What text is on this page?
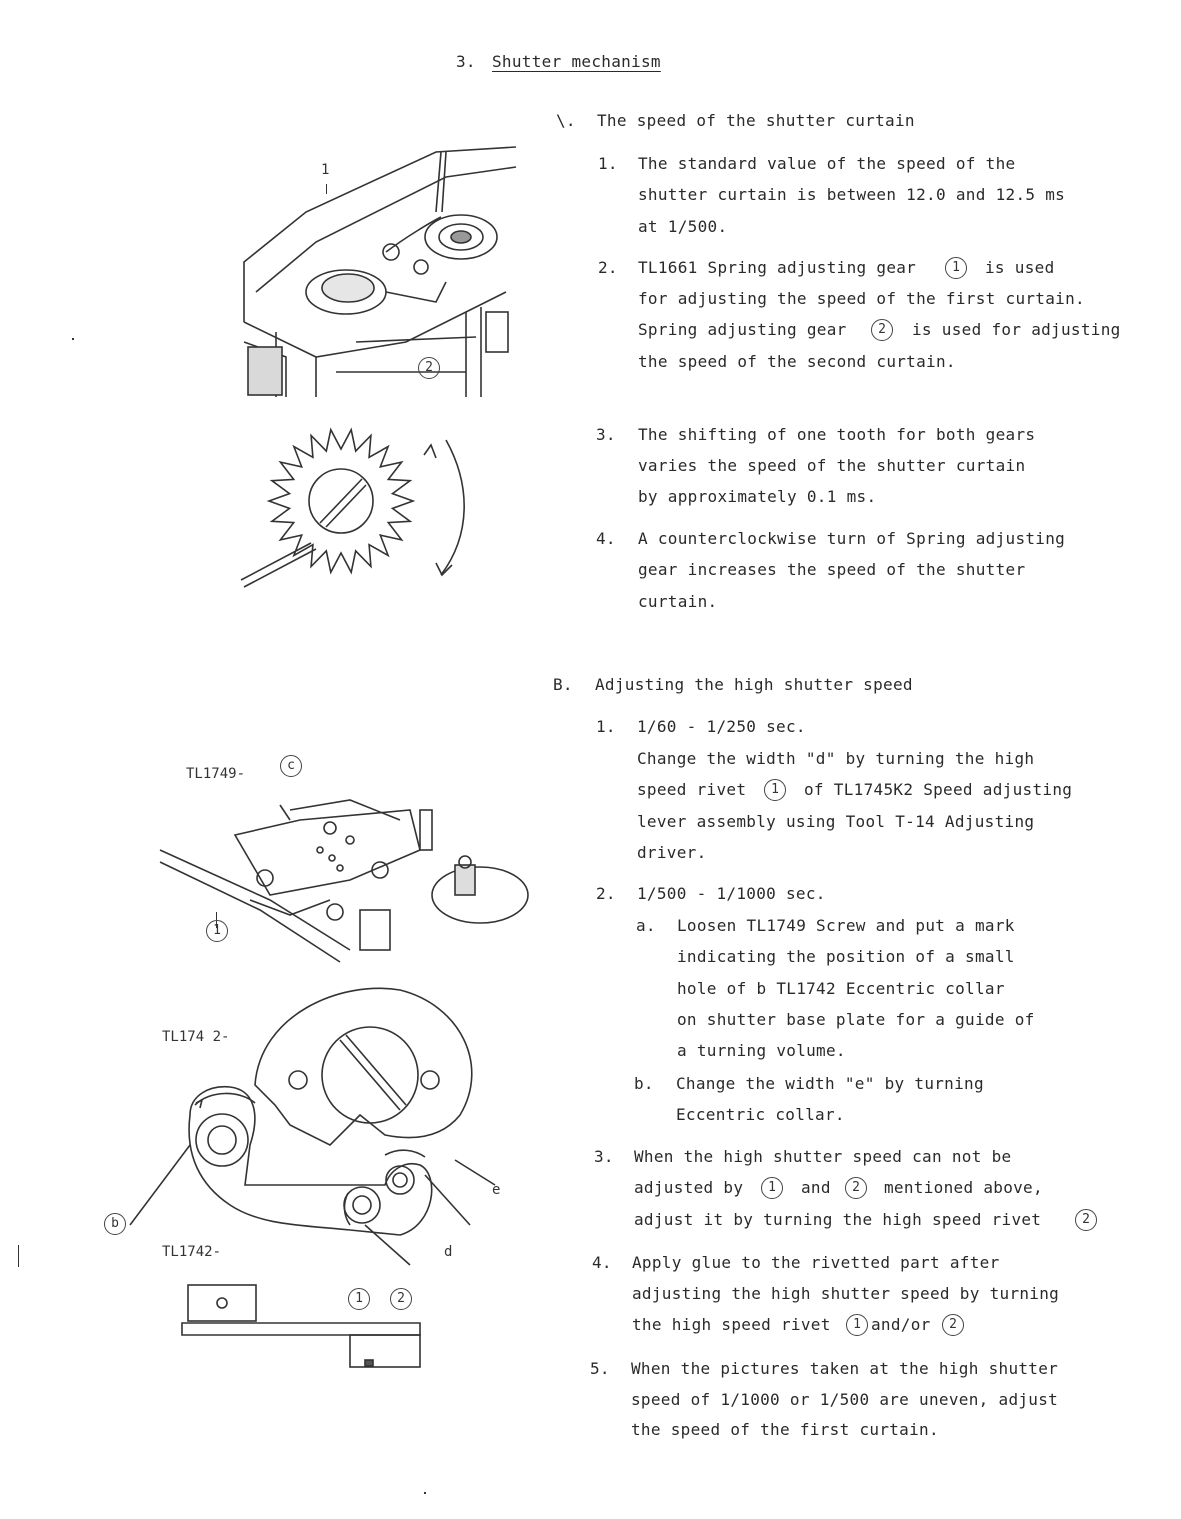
3. Shutter mechanism
\. The speed of the shutter curtain
1. The standard value of the speed of the
shutter curtain is between 12.0 and 12.5 ms
at 1/500.
2. TL1661 Spring adjusting gear	1	is used
for adjusting the speed of the first curtain.
Spring adjusting gear	2	is used for adjusting
the speed of the second curtain.
3. The shifting of one tooth for both gears
varies the speed of the shutter curtain
by approximately 0.1 ms.
4. A counterclockwise turn of Spring adjusting
gear increases the speed of the shutter
curtain.
B. Adjusting the high shutter speed
1. 1/60 - 1/250 sec.
Change the width "d" by turning the high
speed rivet	1	of TL1745K2 Speed adjusting
lever assembly using Tool T-14 Adjusting
driver.
2. 1/500 - 1/1000 sec.
a. Loosen TL1749 Screw and put a mark
indicating the position of a small
hole of b TL1742 Eccentric collar
on shutter base plate for a guide of
a turning volume.
b. Change the width "e" by turning
Eccentric collar.
3. When the high shutter speed can not be
adjusted by	1	and	2	mentioned above,
adjust it by turning the high speed rivet	2
4. Apply glue to the rivetted part after
adjusting the high shutter speed by turning
the high speed rivet	1 and/or	2
5. When the pictures taken at the high shutter
speed of 1/1000 or 1/500 are uneven, adjust
the speed of the first curtain.
1
2
TL1749-
c
1
TL174 2-
b
TL1742-
e
d
1	2
